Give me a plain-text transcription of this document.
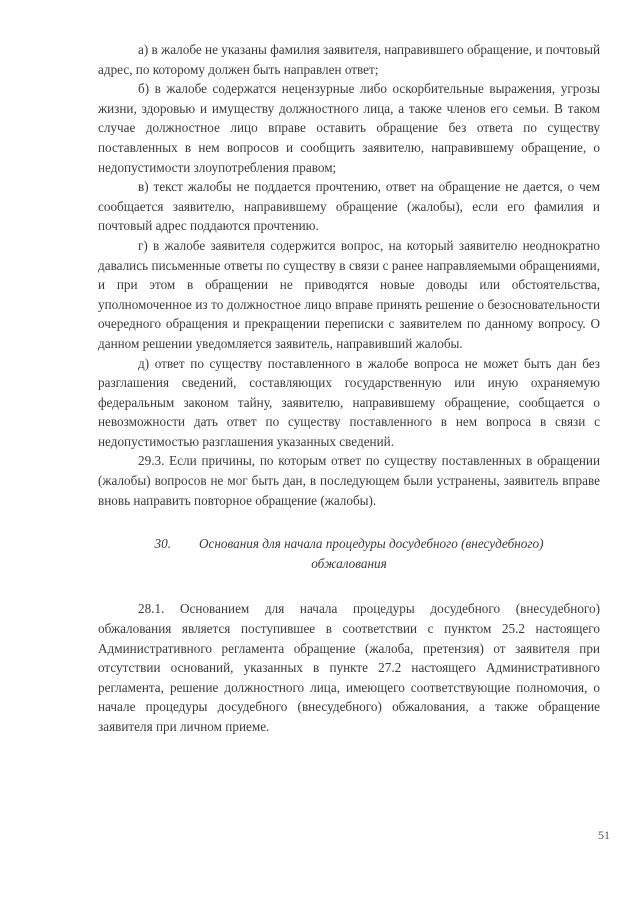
а) в жалобе не указаны фамилия заявителя, направившего обращение, и почтовый адрес, по которому должен быть направлен ответ;

б) в жалобе содержатся нецензурные либо оскорбительные выражения, угрозы жизни, здоровью и имуществу должностного лица, а также членов его семьи. В таком случае должностное лицо вправе оставить обращение без ответа по существу поставленных в нем вопросов и сообщить заявителю, направившему обращение, о недопустимости злоупотребления правом;

в) текст жалобы не поддается прочтению, ответ на обращение не дается, о чем сообщается заявителю, направившему обращение (жалобы), если его фамилия и почтовый адрес поддаются прочтению.

г) в жалобе заявителя содержится вопрос, на который заявителю неоднократно давались письменные ответы по существу в связи с ранее направляемыми обращениями, и при этом в обращении не приводятся новые доводы или обстоятельства, уполномоченное из то должностное лицо вправе принять решение о безосновательности очередного обращения и прекращении переписки с заявителем по данному вопросу. О данном решении уведомляется заявитель, направивший жалобы.

д) ответ по существу поставленного в жалобе вопроса не может быть дан без разглашения сведений, составляющих государственную или иную охраняемую федеральным законом тайну, заявителю, направившему обращение, сообщается о невозможности дать ответ по существу поставленного в нем вопроса в связи с недопустимостью разглашения указанных сведений.

29.3. Если причины, по которым ответ по существу поставленных в обращении (жалобы) вопросов не мог быть дан, в последующем были устранены, заявитель вправе вновь направить повторное обращение (жалобы).

30. Основания для начала процедуры досудебного (внесудебного)
обжалования

28.1. Основанием для начала процедуры досудебного (внесудебного) обжалования является поступившее в соответствии с пунктом 25.2 настоящего Административного регламента обращение (жалоба, претензия) от заявителя при отсутствии оснований, указанных в пункте 27.2 настоящего Административного регламента, решение должностного лица, имеющего соответствующие полномочия, о начале процедуры досудебного (внесудебного) обжалования, а также обращение заявителя при личном приеме.

51
